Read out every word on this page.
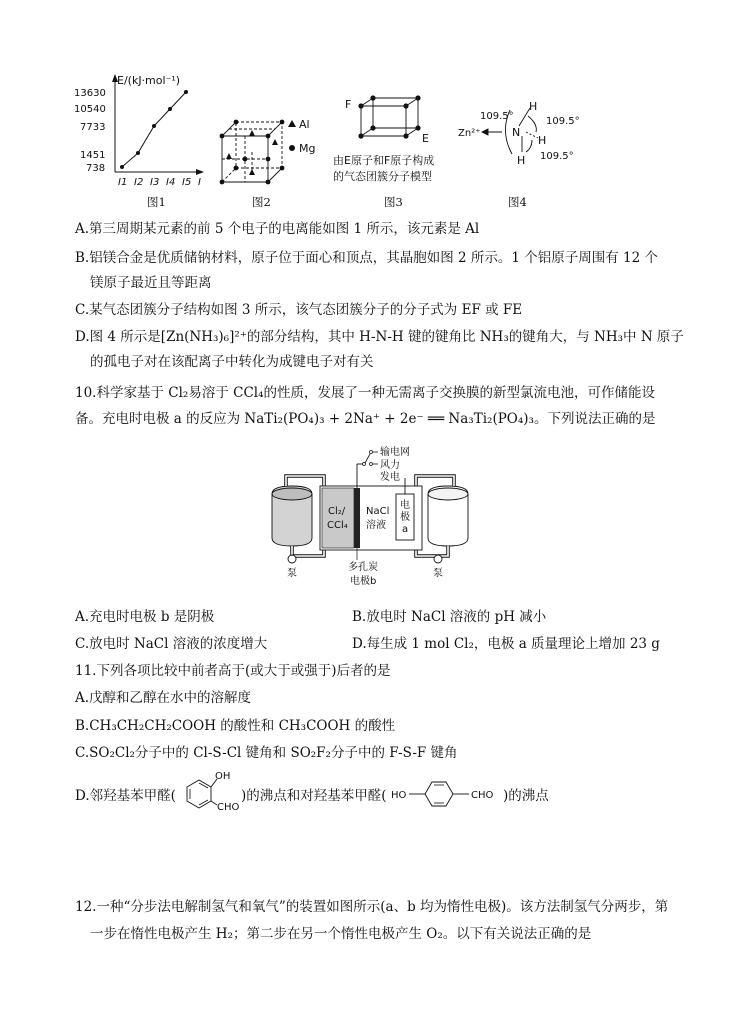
E/(kJ·mol⁻¹)
13630
10540
7733
1451
738
I1 I2 I3 I4 I5 I
图1
Al
Mg
图2
F
E
由E原子和F原子构成
的气态团簇分子模型
图3
Zn²⁺	N
H
H
H
109.5°	109.5°
109.5°
图4
A.第三周期某元素的前 5 个电子的电离能如图 1 所示，该元素是 Al
B.铝镁合金是优质储钠材料，原子位于面心和顶点，其晶胞如图 2 所示。1 个铝原子周围有 12 个
镁原子最近且等距离
C.某气态团簇分子结构如图 3 所示，该气态团簇分子的分子式为 EF 或 FE
D.图 4 所示是[Zn(NH₃)₆]²⁺的部分结构，其中 H-N-H 键的键角比 NH₃的键角大，与 NH₃中 N 原子
的孤电子对在该配离子中转化为成键电子对有关
10.科学家基于 Cl₂易溶于 CCl₄的性质，发展了一种无需离子交换膜的新型氯流电池，可作储能设
备。充电时电极 a 的反应为 NaTi₂(PO₄)₃ + 2Na⁺ + 2e⁻ ══ Na₃Ti₂(PO₄)₃。下列说法正确的是
输电网
风力
发电
Cl₂/
CCl₄
NaCl
溶液
电
极
a
泵	泵
多孔炭
电极b
A.充电时电极 b 是阴极	B.放电时 NaCl 溶液的 pH 减小
C.放电时 NaCl 溶液的浓度增大	D.每生成 1 mol Cl₂，电极 a 质量理论上增加 23 g
11.下列各项比较中前者高于(或大于或强于)后者的是
A.戊醇和乙醇在水中的溶解度
B.CH₃CH₂CH₂COOH 的酸性和 CH₃COOH 的酸性
C.SO₂Cl₂分子中的 Cl-S-Cl 键角和 SO₂F₂分子中的 F-S-F 键角
D.邻羟基苯甲醛(
OH
CHO
)的沸点和对羟基苯甲醛( HO	CHO )的沸点
12.一种“分步法电解制氢气和氧气”的装置如图所示(a、b 均为惰性电极)。该方法制氢气分两步，第
一步在惰性电极产生 H₂；第二步在另一个惰性电极产生 O₂。以下有关说法正确的是
